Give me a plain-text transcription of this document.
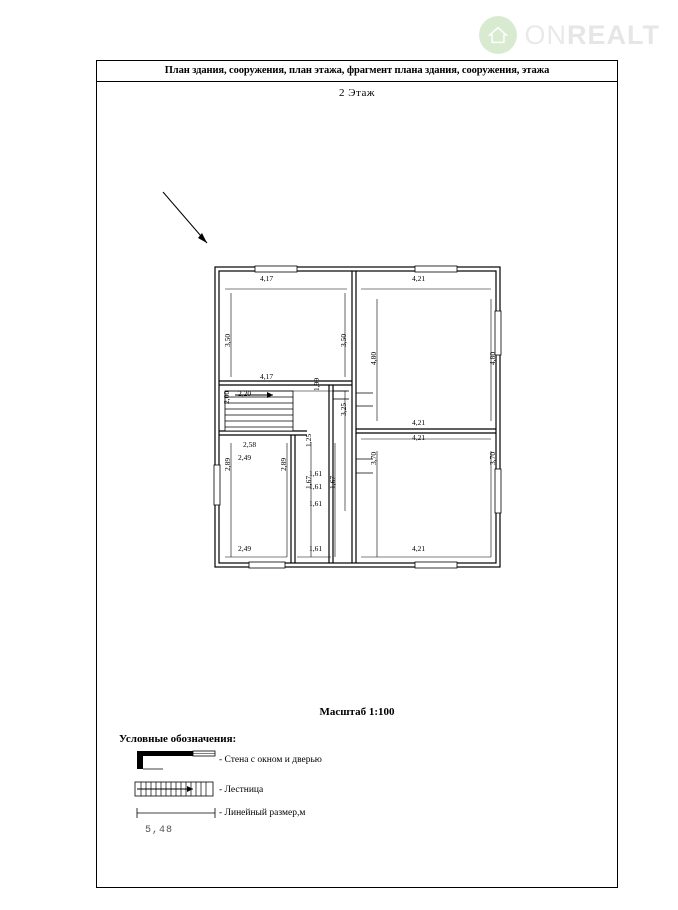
ONREALT
План здания, сооружения, план этажа, фрагмент плана здания, сооружения, этажа
2 Этаж
4,17	4,21
3,50	3,50
4,80	4,80
4,17
1,99
2,20
2,00
4,21
4,21
3,25
2,58
2,49
1,25
1,61
1,61
3,70	3,70
2,89	2,89
1,67 1,67
1,61
2,49	1,61	4,21
Масштаб 1:100
Условные обозначения:
- Стена с окном и дверью
- Лестница
- Линейный размер,м
5,48
